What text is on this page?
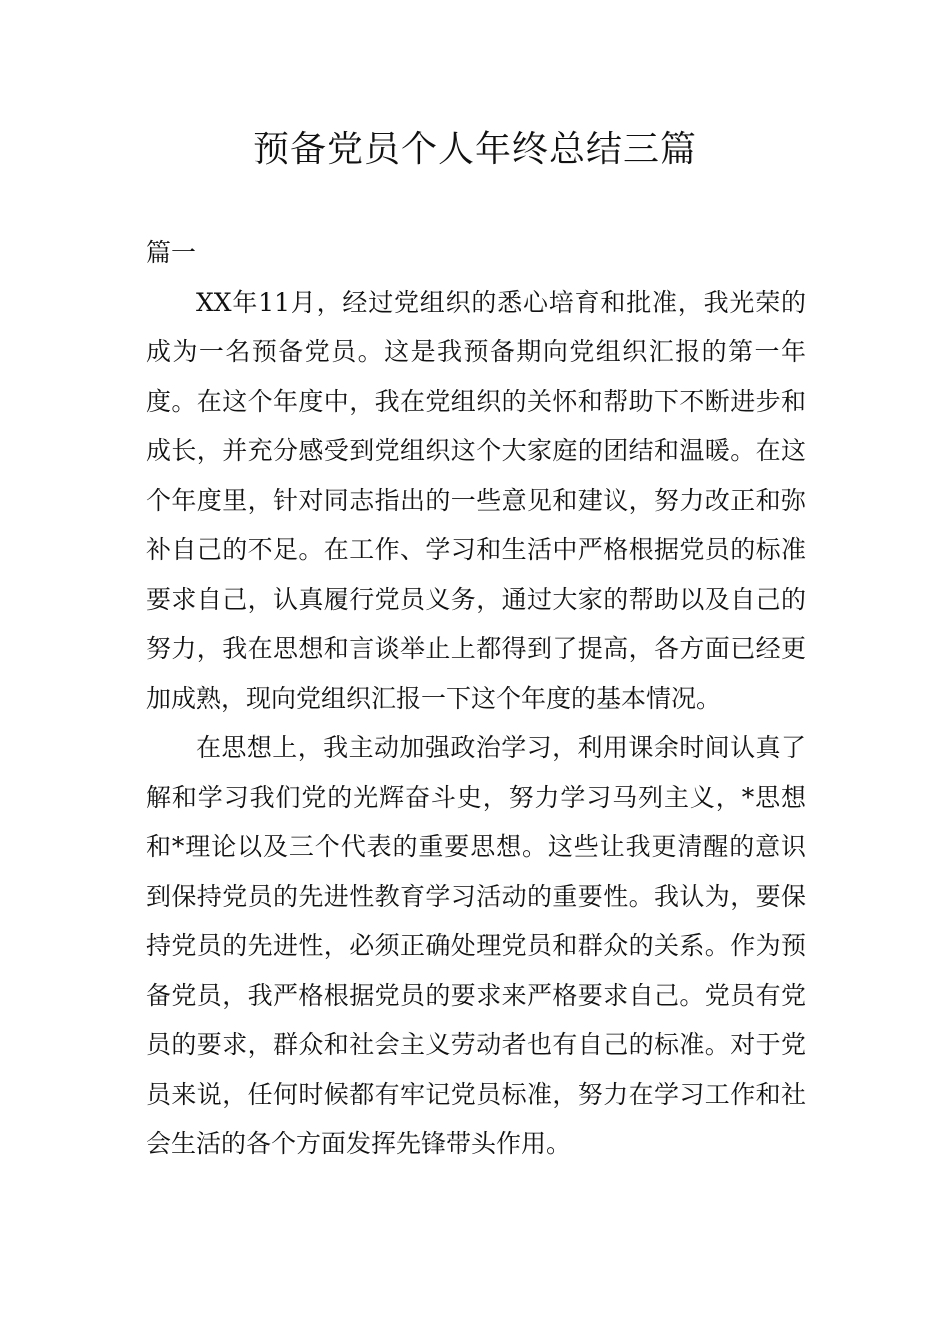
预备党员个人年终总结三篇

篇一

XX年11月，经过党组织的悉心培育和批准，我光荣的成为一名预备党员。这是我预备期向党组织汇报的第一年度。在这个年度中，我在党组织的关怀和帮助下不断进步和成长，并充分感受到党组织这个大家庭的团结和温暖。在这个年度里，针对同志指出的一些意见和建议，努力改正和弥补自己的不足。在工作、学习和生活中严格根据党员的标准要求自己，认真履行党员义务，通过大家的帮助以及自己的努力，我在思想和言谈举止上都得到了提高，各方面已经更加成熟，现向党组织汇报一下这个年度的基本情况。

在思想上，我主动加强政治学习，利用课余时间认真了解和学习我们党的光辉奋斗史，努力学习马列主义，*思想和*理论以及三个代表的重要思想。这些让我更清醒的意识到保持党员的先进性教育学习活动的重要性。我认为，要保持党员的先进性，必须正确处理党员和群众的关系。作为预备党员，我严格根据党员的要求来严格要求自己。党员有党员的要求，群众和社会主义劳动者也有自己的标准。对于党员来说，任何时候都有牢记党员标准，努力在学习工作和社会生活的各个方面发挥先锋带头作用。
